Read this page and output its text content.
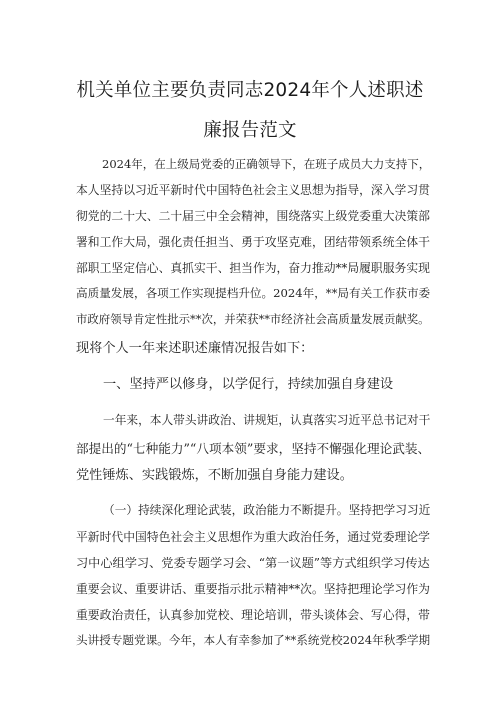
机关单位主要负责同志2024年个人述职述
廉报告范文

2024年，在上级局党委的正确领导下，在班子成员大力支持下，

本人坚持以习近平新时代中国特色社会主义思想为指导，深入学习贯

彻党的二十大、二十届三中全会精神，围绕落实上级党委重大决策部

署和工作大局，强化责任担当、勇于攻坚克难，团结带领系统全体干

部职工坚定信心、真抓实干、担当作为，奋力推动**局履职服务实现

高质量发展，各项工作实现提档升位。2024年，**局有关工作获市委

市政府领导肯定性批示**次，并荣获**市经济社会高质量发展贡献奖。

现将个人一年来述职述廉情况报告如下：

一、坚持严以修身，以学促行，持续加强自身建设

一年来，本人带头讲政治、讲规矩，认真落实习近平总书记对干

部提出的“七种能力”“八项本领”要求，坚持不懈强化理论武装、

党性锤炼、实践锻炼，不断加强自身能力建设。

（一）持续深化理论武装，政治能力不断提升。坚持把学习习近

平新时代中国特色社会主义思想作为重大政治任务，通过党委理论学

习中心组学习、党委专题学习会、“第一议题”等方式组织学习传达

重要会议、重要讲话、重要指示批示精神**次。坚持把理论学习作为

重要政治责任，认真参加党校、理论培训，带头谈体会、写心得，带

头讲授专题党课。今年，本人有幸参加了**系统党校2024年秋季学期
